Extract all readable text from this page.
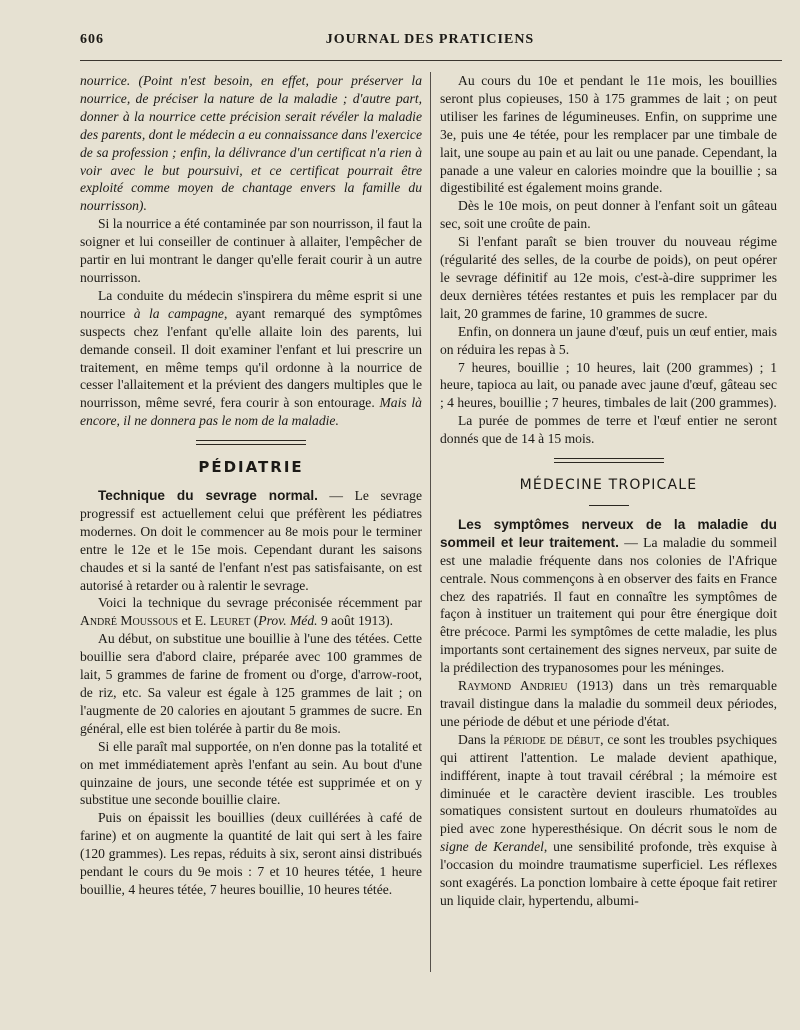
606	JOURNAL DES PRATICIENS

nourrice. (Point n'est besoin, en effet, pour préserver la nourrice, de préciser la nature de la maladie ; d'autre part, donner à la nourrice cette précision serait révéler la maladie des parents, dont le médecin a eu connaissance dans l'exercice de sa profession ; enfin, la délivrance d'un certificat n'a rien à voir avec le but poursuivi, et ce certificat pourrait être exploité comme moyen de chantage envers la famille du nourrisson).

Si la nourrice a été contaminée par son nourrisson, il faut la soigner et lui conseiller de continuer à allaiter, l'empêcher de partir en lui montrant le danger qu'elle ferait courir à un autre nourrisson.

La conduite du médecin s'inspirera du même esprit si une nourrice à la campagne, ayant remarqué des symptômes suspects chez l'enfant qu'elle allaite loin des parents, lui demande conseil. Il doit examiner l'enfant et lui prescrire un traitement, en même temps qu'il ordonne à la nourrice de cesser l'allaitement et la prévient des dangers multiples que le nourrisson, même sevré, fera courir à son entourage. Mais là encore, il ne donnera pas le nom de la maladie.

PÉDIATRIE

Technique du sevrage normal. — Le sevrage progressif est actuellement celui que préfèrent les pédiatres modernes. On doit le commencer au 8e mois pour le terminer entre le 12e et le 15e mois. Cependant durant les saisons chaudes et si la santé de l'enfant n'est pas satisfaisante, on est autorisé à retarder ou à ralentir le sevrage.

Voici la technique du sevrage préconisée récemment par André Moussous et E. Leuret (Prov. Méd. 9 août 1913).

Au début, on substitue une bouillie à l'une des tétées. Cette bouillie sera d'abord claire, préparée avec 100 grammes de lait, 5 grammes de farine de froment ou d'orge, d'arrow-root, de riz, etc. Sa valeur est égale à 125 grammes de lait ; on l'augmente de 20 calories en ajoutant 5 grammes de sucre. En général, elle est bien tolérée à partir du 8e mois.

Si elle paraît mal supportée, on n'en donne pas la totalité et on met immédiatement après l'enfant au sein. Au bout d'une quinzaine de jours, une seconde tétée est supprimée et on y substitue une seconde bouillie claire.

Puis on épaissit les bouillies (deux cuillérées à café de farine) et on augmente la quantité de lait qui sert à les faire (120 grammes). Les repas, réduits à six, seront ainsi distribués pendant le cours du 9e mois : 7 et 10 heures tétée, 1 heure bouillie, 4 heures tétée, 7 heures bouillie, 10 heures tétée.

Au cours du 10e et pendant le 11e mois, les bouillies seront plus copieuses, 150 à 175 grammes de lait ; on peut utiliser les farines de légumineuses. Enfin, on supprime une 3e, puis une 4e tétée, pour les remplacer par une timbale de lait, une soupe au pain et au lait ou une panade. Cependant, la panade a une valeur en calories moindre que la bouillie ; sa digestibilité est également moins grande.

Dès le 10e mois, on peut donner à l'enfant soit un gâteau sec, soit une croûte de pain.

Si l'enfant paraît se bien trouver du nouveau régime (régularité des selles, de la courbe de poids), on peut opérer le sevrage définitif au 12e mois, c'est-à-dire supprimer les deux dernières tétées restantes et puis les remplacer par du lait, 20 grammes de farine, 10 grammes de sucre.

Enfin, on donnera un jaune d'œuf, puis un œuf entier, mais on réduira les repas à 5.

7 heures, bouillie ; 10 heures, lait (200 grammes) ; 1 heure, tapioca au lait, ou panade avec jaune d'œuf, gâteau sec ; 4 heures, bouillie ; 7 heures, timbales de lait (200 grammes).

La purée de pommes de terre et l'œuf entier ne seront donnés que de 14 à 15 mois.

MÉDECINE TROPICALE

Les symptômes nerveux de la maladie du sommeil et leur traitement. — La maladie du sommeil est une maladie fréquente dans nos colonies de l'Afrique centrale. Nous commençons à en observer des faits en France chez des rapatriés. Il faut en connaître les symptômes de façon à instituer un traitement qui pour être énergique doit être précoce. Parmi les symptômes de cette maladie, les plus importants sont certainement des signes nerveux, par suite de la prédilection des trypanosomes pour les méninges.

Raymond Andrieu (1913) dans un très remarquable travail distingue dans la maladie du sommeil deux périodes, une période de début et une période d'état.

Dans la période de début, ce sont les troubles psychiques qui attirent l'attention. Le malade devient apathique, indifférent, inapte à tout travail cérébral ; la mémoire est diminuée et le caractère devient irascible. Les troubles somatiques consistent surtout en douleurs rhumatoïdes au pied avec zone hyperesthésique. On décrit sous le nom de signe de Kerandel, une sensibilité profonde, très exquise à l'occasion du moindre traumatisme superficiel. Les réflexes sont exagérés. La ponction lombaire à cette époque fait retirer un liquide clair, hypertendu, albumi-
